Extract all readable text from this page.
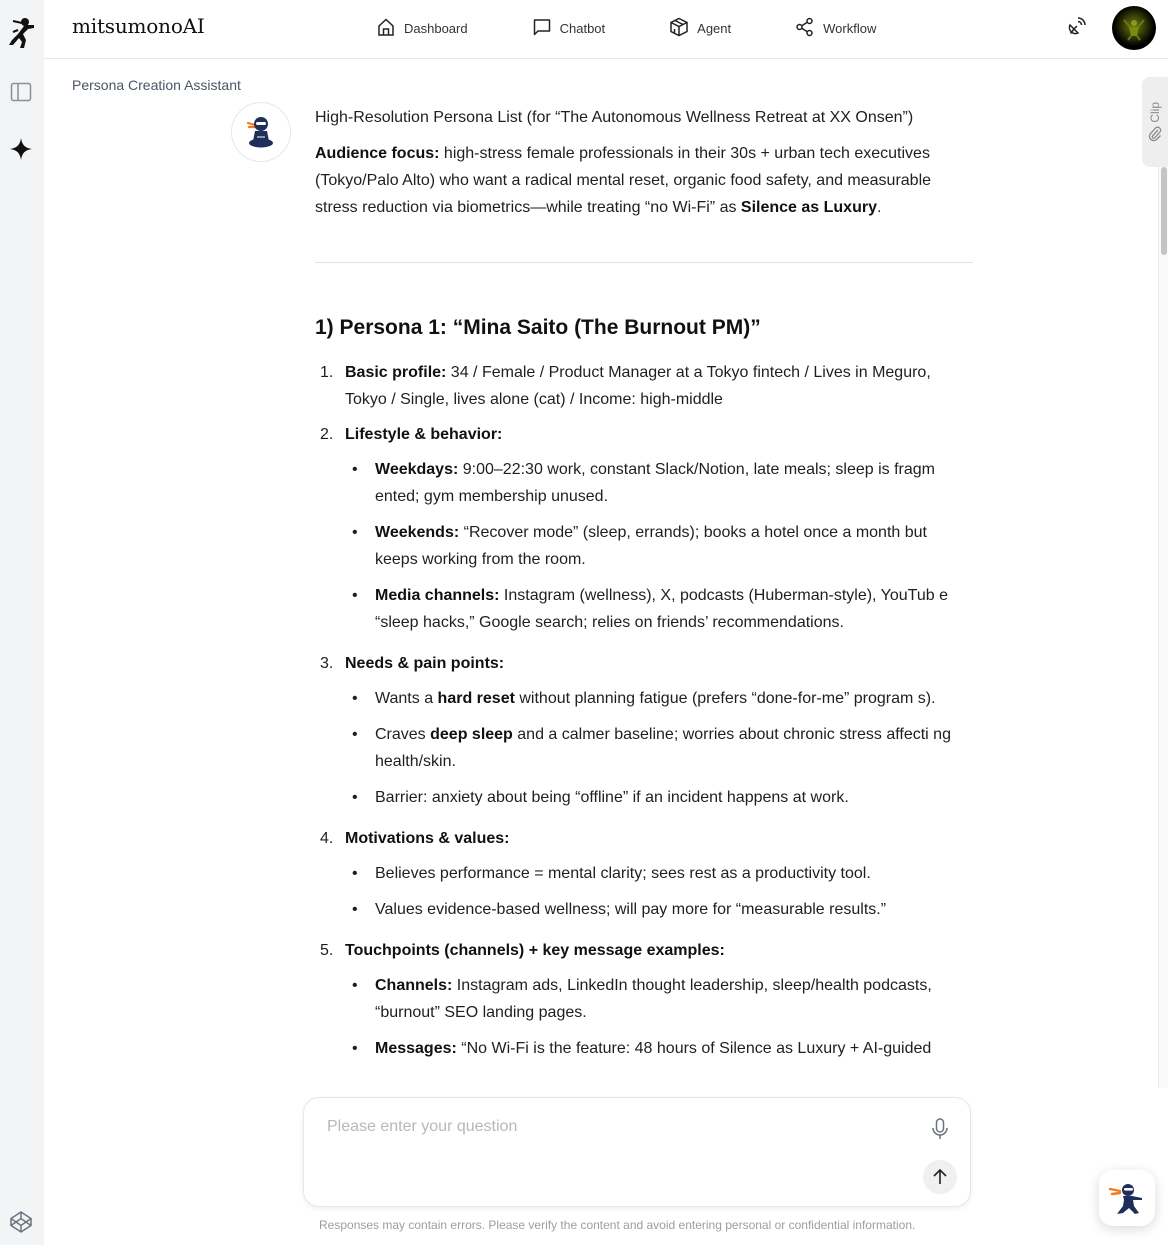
mitsumonoAI	Dashboard	Chatbot	Agent	Workflow
Persona Creation Assistant

High-Resolution Persona List (for “The Autonomous Wellness Retreat at XX Onsen”)

Audience focus: high-stress female professionals in their 30s + urban tech executives (Tokyo/Palo Alto) who want a radical mental reset, organic food safety, and measurable stress reduction via biometrics—while treating “no Wi-Fi” as Silence as Luxury.

1) Persona 1: “Mina Saito (The Burnout PM)”
1. Basic profile: 34 / Female / Product Manager at a Tokyo fintech / Lives in Meguro, Tokyo / Single, lives alone (cat) / Income: high-middle
2. Lifestyle & behavior:
• Weekdays: 9:00–22:30 work, constant Slack/Notion, late meals; sleep is fragm ented; gym membership unused.
• Weekends: “Recover mode” (sleep, errands); books a hotel once a month but keeps working from the room.
• Media channels: Instagram (wellness), X, podcasts (Huberman-style), YouTub e “sleep hacks,” Google search; relies on friends’ recommendations.
3. Needs & pain points:
• Wants a hard reset without planning fatigue (prefers “done-for-me” program s).
• Craves deep sleep and a calmer baseline; worries about chronic stress affecti ng health/skin.
• Barrier: anxiety about being “offline” if an incident happens at work.
4. Motivations & values:
• Believes performance = mental clarity; sees rest as a productivity tool.
• Values evidence-based wellness; will pay more for “measurable results.”
5. Touchpoints (channels) + key message examples:
• Channels: Instagram ads, LinkedIn thought leadership, sleep/health podcasts, “burnout” SEO landing pages.
• Messages: “No Wi-Fi is the feature: 48 hours of Silence as Luxury + AI-guided
Please enter your question
Responses may contain errors. Please verify the content and avoid entering personal or confidential information.
Clip
